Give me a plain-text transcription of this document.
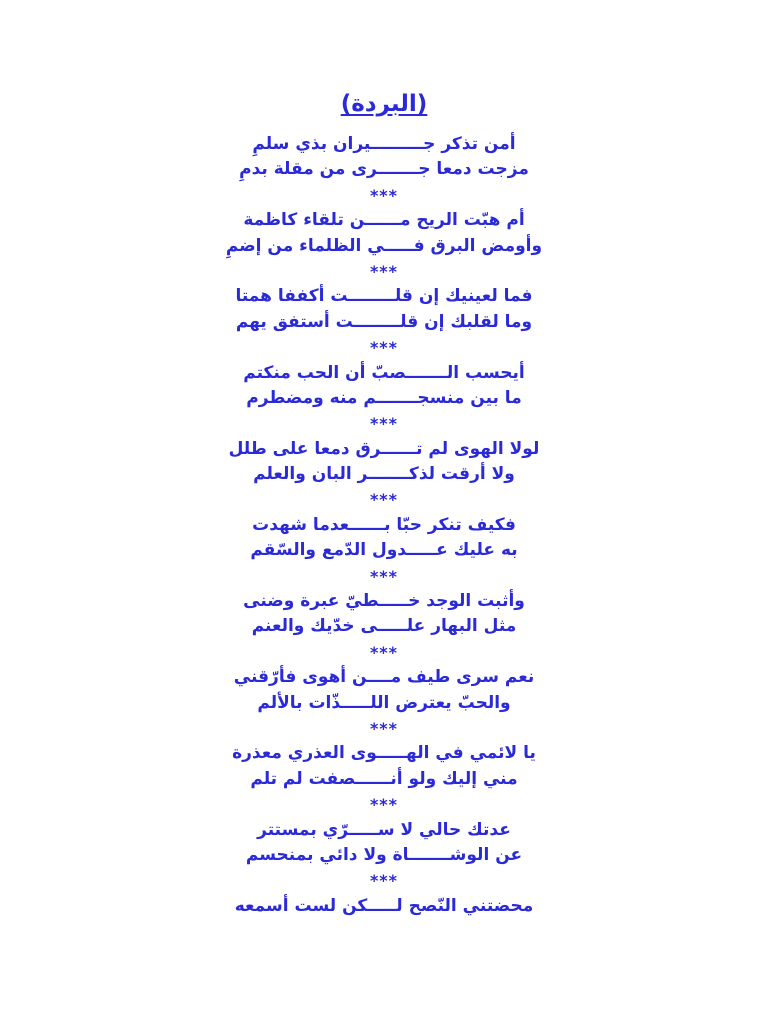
(البردة)
أمن تذكر جـــــــــيران بذي سلمِ
مزجت دمعا جـــــــرى من مقلة بدمِ
***
أم هبّت الريح مــــــن تلقاء كاظمة
وأومض البرق فـــــي الظلماء من إضمِ
***
فما لعينيك إن قلــــــــت أكففا همتا
وما لقلبك إن قلــــــــت أستفق يهم
***
أيحسب الـــــــصبّ أن الحب منكتم
ما بين منسجـــــــم منه ومضطرم
***
لولا الهوى لم تــــــرق دمعا على طلل
ولا أرقت لذكـــــــر البان والعلم
***
فكيف تنكر حبّا بــــــعدما شهدت
به عليك عـــــدول الدّمع والسّقم
***
وأثبت الوجد خـــــطيّ عبرة وضنى
مثل البهار علـــــى خدّيك والعنم
***
نعم سرى طيف مــــن أهوى فأرّقني
والحبّ يعترض اللـــــذّات بالألم
***
يا لائمي في الهـــــوى العذري معذرة
مني إليك ولو أنــــــصفت لم تلم
***
عدتك حالي لا ســـــرّي بمستتر
عن الوشـــــــاة ولا دائي بمنحسم
***
محضتني النّصح لـــــكن لست أسمعه
